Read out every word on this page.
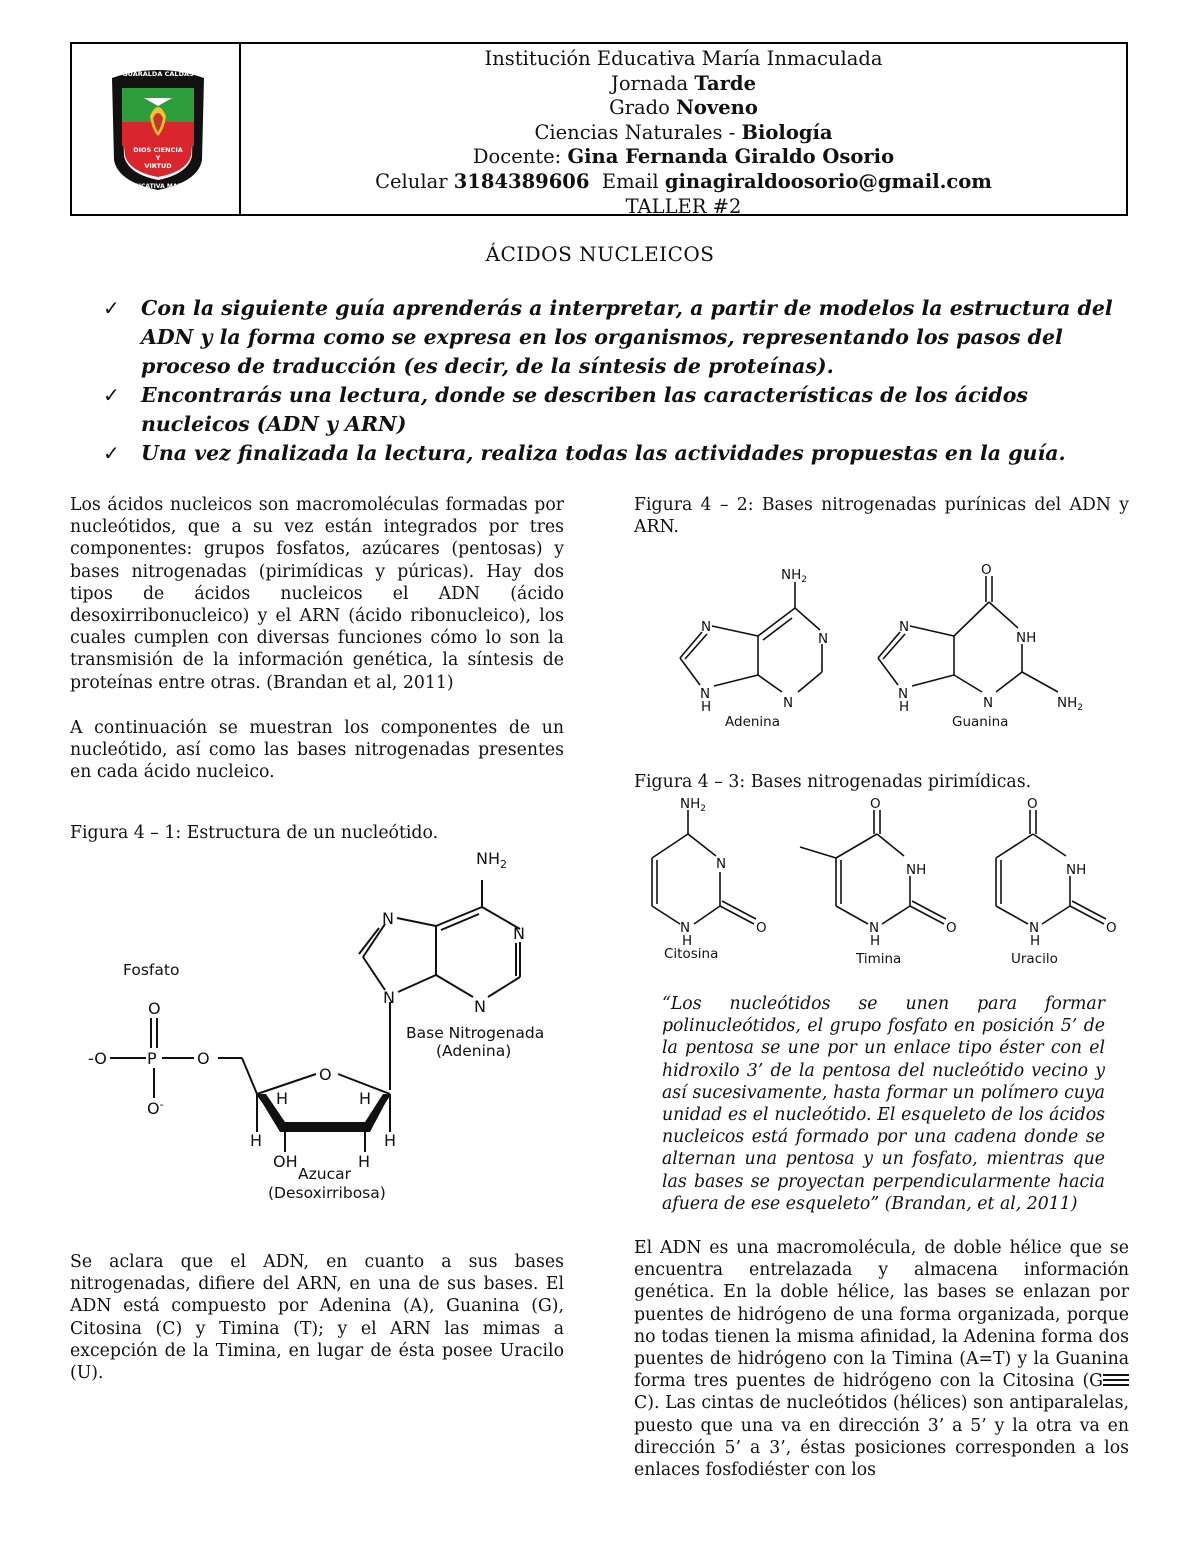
GUARALDA CALDAS
INSTITUCION	INMACULADA
DIOS CIENCIA
Y
VIRTUD
EDUCATIVA MARIA
Institución Educativa María Inmaculada
Jornada Tarde
Grado Noveno
Ciencias Naturales - Biología
Docente: Gina Fernanda Giraldo Osorio
Celular 3184389606 Email ginagiraldoosorio@gmail.com
TALLER #2
ÁCIDOS NUCLEICOS
✓ Con la siguiente guía aprenderás a interpretar, a partir de modelos la estructura del ADN y la forma como se expresa en los organismos, representando los pasos del proceso de traducción (es decir, de la síntesis de proteínas).
✓ Encontrarás una lectura, donde se describen las características de los ácidos nucleicos (ADN y ARN)
✓ Una vez finalizada la lectura, realiza todas las actividades propuestas en la guía.

Los ácidos nucleicos son macromoléculas formadas por nucleótidos, que a su vez están integrados por tres componentes: grupos fosfatos, azúcares (pentosas) y bases nitrogenadas (pirimídicas y púricas). Hay dos tipos de ácidos nucleicos el ADN (ácido desoxirribonucleico) y el ARN (ácido ribonucleico), los cuales cumplen con diversas funciones cómo lo son la transmisión de la información genética, la síntesis de proteínas entre otras. (Brandan et al, 2011)

A continuación se muestran los componentes de un nucleótido, así como las bases nitrogenadas presentes en cada ácido nucleico.

Figura 4 – 1: Estructura de un nucleótido.

$NH_2$
N
N
N
N
O
O
O
P
-O
O-	H	H
H	H
H
OH
Fosfato
Base Nitrogenada
(Adenina)
Azucar
(Desoxirribosa)

Se aclara que el ADN, en cuanto a sus bases nitrogenadas, difiere del ARN, en una de sus bases. El ADN está compuesto por Adenina (A), Guanina (G), Citosina (C) y Timina (T); y el ARN las mimas a excepción de la Timina, en lugar de ésta posee Uracilo (U).

Figura 4 – 2: Bases nitrogenadas purínicas del ADN y ARN.

$NH_2$
N
N
N
N
H
Adenina
O
NH
N
N
N
H	$NH_2$
Guanina

Figura 4 – 3: Bases nitrogenadas pirimídicas.

$NH_2$
N
N
H
O
Citosina
O
NH
N
H
O
Timina
O
NH
N
H
O
Uracilo

“Los nucleótidos se unen para formar polinucleótidos, el grupo fosfato en posición 5’ de la pentosa se une por un enlace tipo éster con el hidroxilo 3’ de la pentosa del nucleótido vecino y así sucesivamente, hasta formar un polímero cuya unidad es el nucleótido. El esqueleto de los ácidos nucleicos está formado por una cadena donde se alternan una pentosa y un fosfato, mientras que las bases se proyectan perpendicularmente hacia afuera de ese esqueleto” (Brandan, et al, 2011)

El ADN es una macromolécula, de doble hélice que se encuentra entrelazada y almacena información genética. En la doble hélice, las bases se enlazan por puentes de hidrógeno de una forma organizada, porque no todas tienen la misma afinidad, la Adenina forma dos puentes de hidrógeno con la Timina (A=T) y la Guanina forma tres puentes de hidrógeno con la Citosina (G
C). Las cintas de nucleótidos (hélices) son antiparalelas, puesto que una va en dirección 3’ a 5’ y la otra va en dirección 5’ a 3’, éstas posiciones corresponden a los enlaces fosfodiéster con los
